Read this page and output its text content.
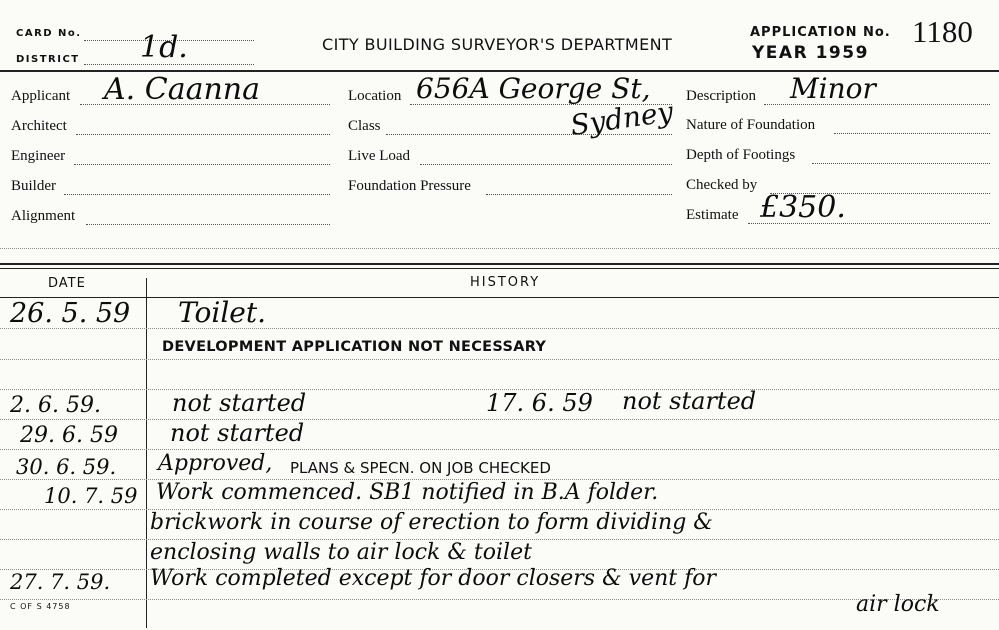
CARD No.
DISTRICT 1d.	CITY BUILDING SURVEYOR'S DEPARTMENT
APPLICATION No. 1180
YEAR 1959
Applicant A. Caanna
Architect
Engineer
Builder
Alignment
Location 656A George St,
Sydney
Class
Live Load
Foundation Pressure
Description Minor
Nature of Foundation
Depth of Footings
Checked by
Estimate £350.
DATE	HISTORY
26. 5. 59 Toilet.
DEVELOPMENT APPLICATION NOT NECESSARY
2. 6. 59.	not started	17. 6. 59 not started
29. 6. 59 not started
30. 6. 59. Approved, PLANS & SPECN. ON JOB CHECKED
10. 7. 59 Work commenced. SB1 notified in B.A folder.
brickwork in course of erection to form dividing &
enclosing walls to air lock & toilet
27. 7. 59. Work completed except for door closers & vent for
air lock
C OF S 4758
